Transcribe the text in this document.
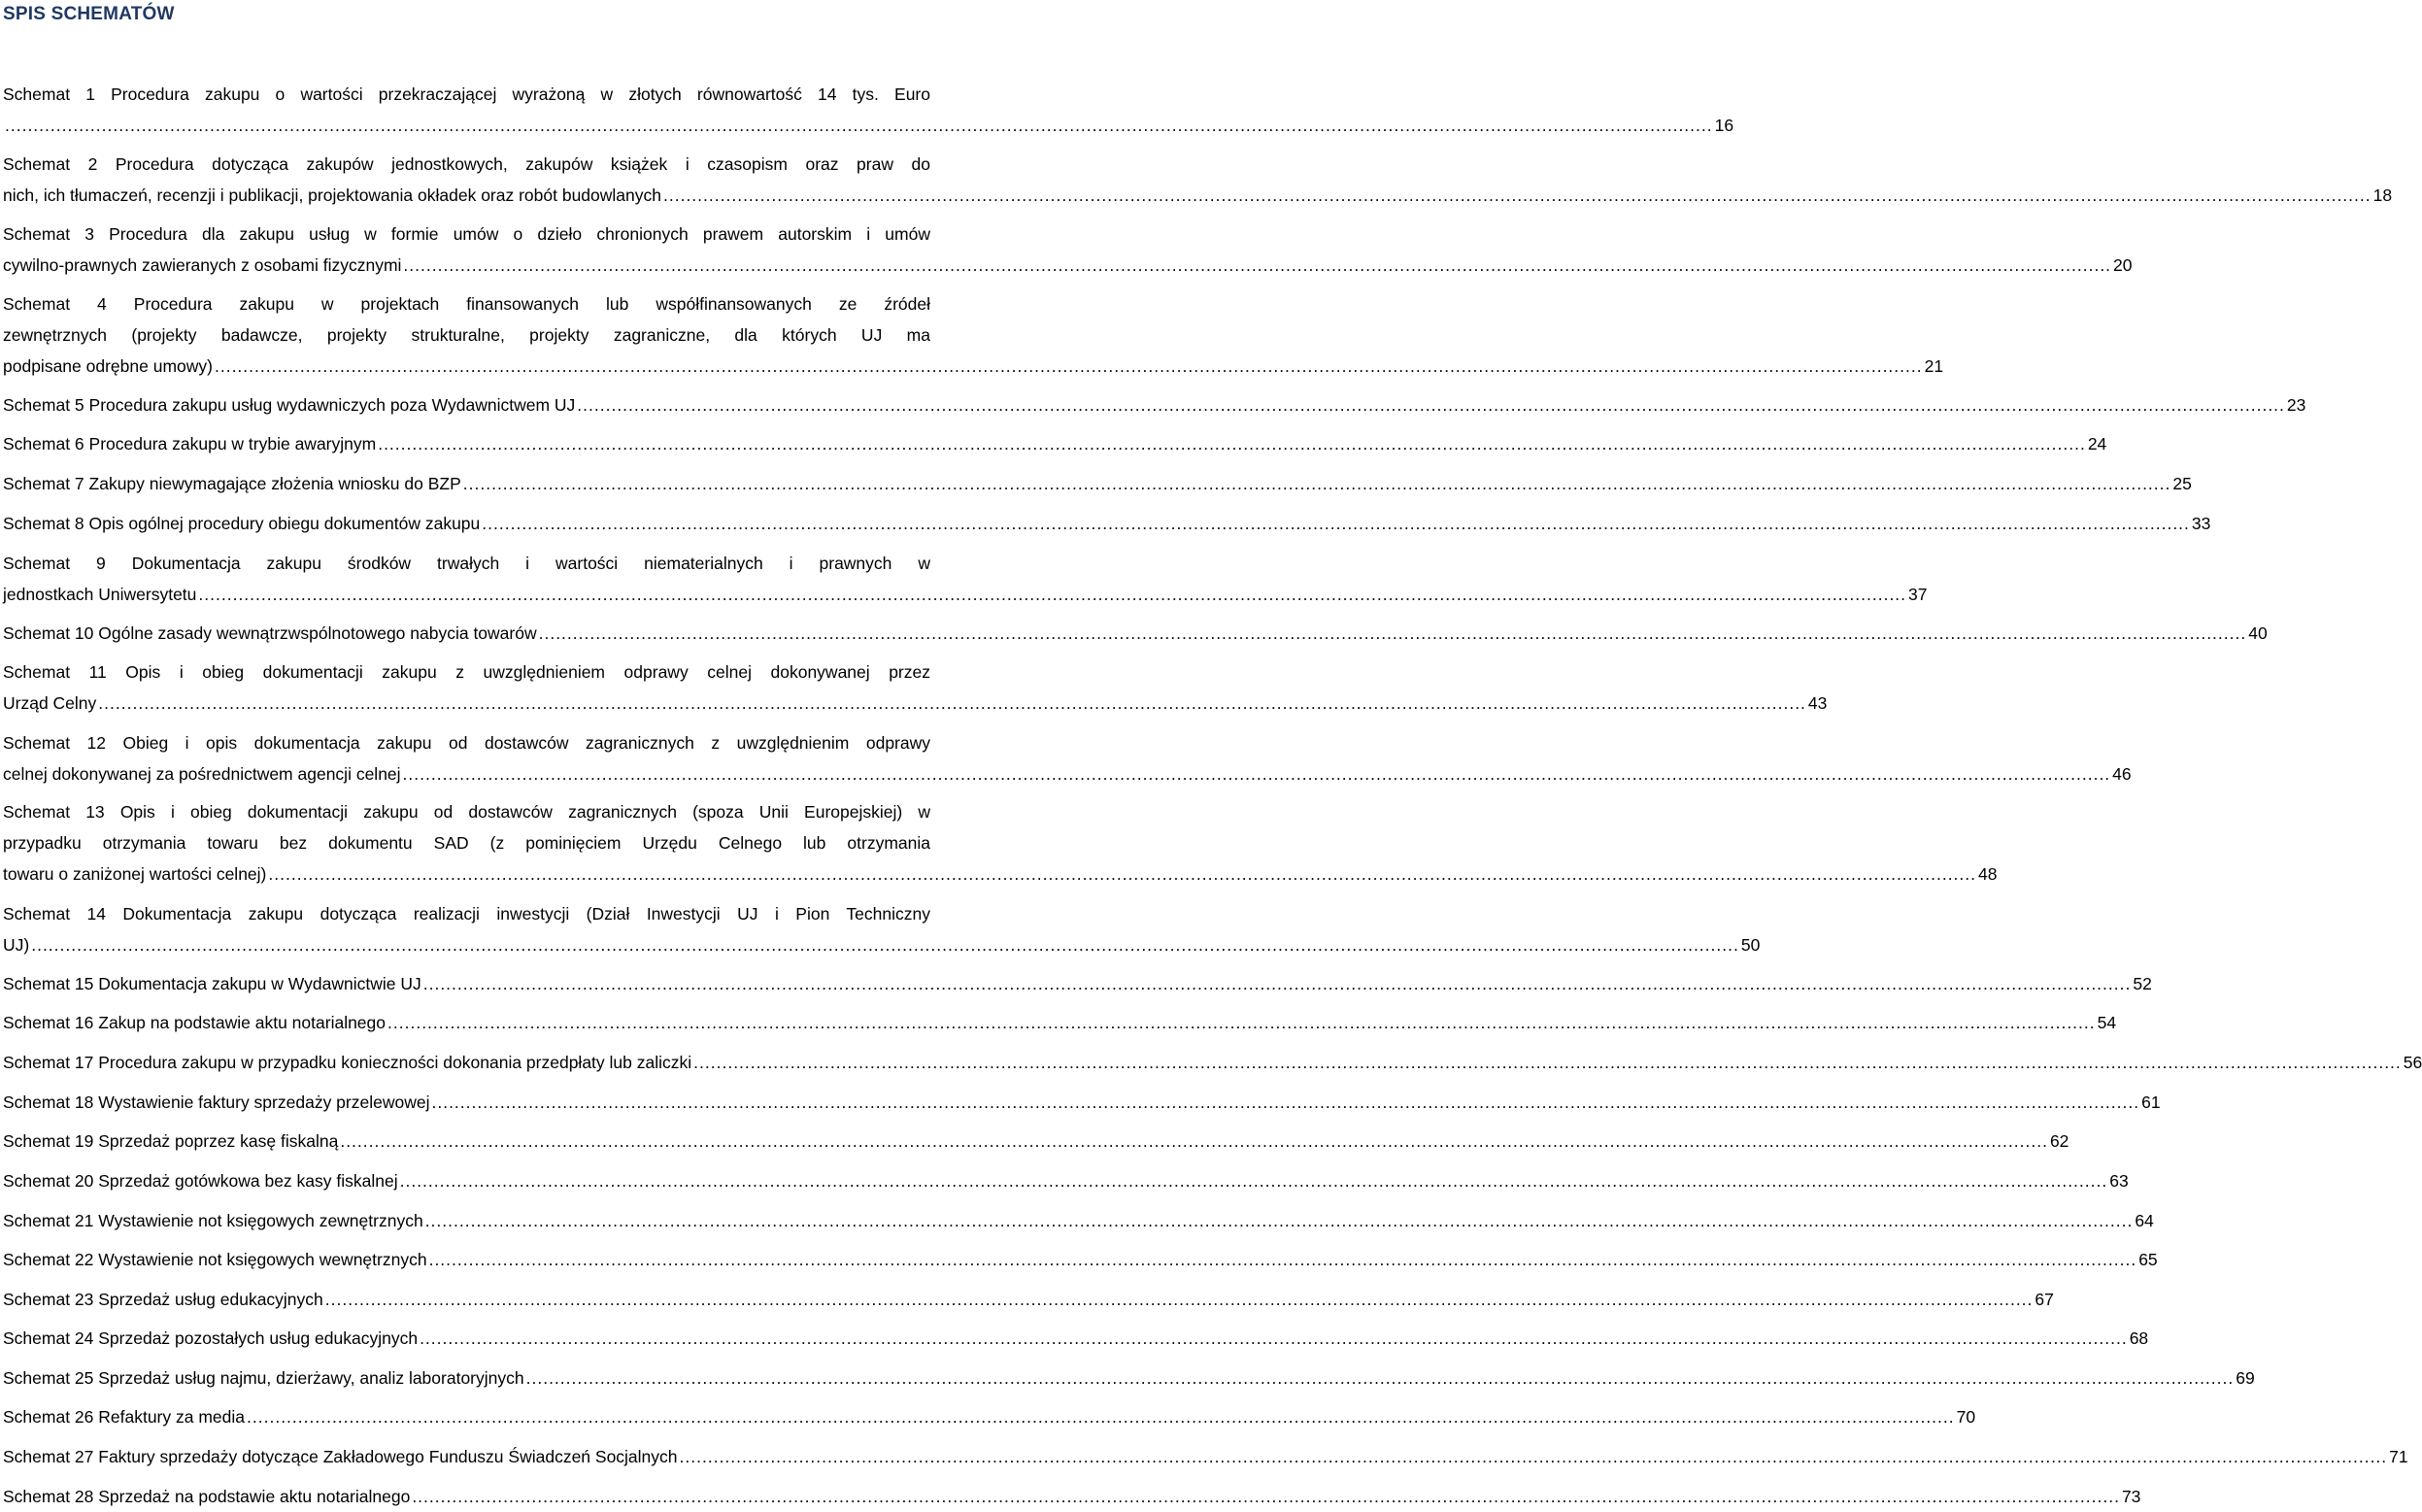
SPIS SCHEMATÓW
Schemat 1 Procedura zakupu o wartości przekraczającej wyrażoną w złotych równowartość 14 tys. Euro
............................................................................................................................................................................................................................................................................................................ 16
Schemat 2 Procedura dotycząca zakupów jednostkowych, zakupów książek i czasopism oraz praw do
nich, ich tłumaczeń, recenzji i publikacji, projektowania okładek oraz robót budowlanych ............................................................................................................................................................................................................................................................................................................ 18
Schemat 3 Procedura dla zakupu usług w formie umów o dzieło chronionych prawem autorskim i umów
cywilno-prawnych zawieranych z osobami fizycznymi ............................................................................................................................................................................................................................................................................................................ 20
Schemat 4 Procedura zakupu w projektach finansowanych lub współfinansowanych ze źródeł
zewnętrznych (projekty badawcze, projekty strukturalne, projekty zagraniczne, dla których UJ ma
podpisane odrębne umowy) ............................................................................................................................................................................................................................................................................................................ 21
Schemat 5 Procedura zakupu usług wydawniczych poza Wydawnictwem UJ ............................................................................................................................................................................................................................................................................................................ 23
Schemat 6 Procedura zakupu w trybie awaryjnym ............................................................................................................................................................................................................................................................................................................ 24
Schemat 7 Zakupy niewymagające złożenia wniosku do BZP ............................................................................................................................................................................................................................................................................................................ 25
Schemat 8 Opis ogólnej procedury obiegu dokumentów zakupu ............................................................................................................................................................................................................................................................................................................ 33
Schemat 9 Dokumentacja zakupu środków trwałych i wartości niematerialnych i prawnych w
jednostkach Uniwersytetu ............................................................................................................................................................................................................................................................................................................ 37
Schemat 10 Ogólne zasady wewnątrzwspólnotowego nabycia towarów ............................................................................................................................................................................................................................................................................................................ 40
Schemat 11 Opis i obieg dokumentacji zakupu z uwzględnieniem odprawy celnej dokonywanej przez
Urząd Celny ............................................................................................................................................................................................................................................................................................................ 43
Schemat 12 Obieg i opis dokumentacja zakupu od dostawców zagranicznych z uwzględnienim odprawy
celnej dokonywanej za pośrednictwem agencji celnej ............................................................................................................................................................................................................................................................................................................ 46
Schemat 13 Opis i obieg dokumentacji zakupu od dostawców zagranicznych (spoza Unii Europejskiej) w
przypadku otrzymania towaru bez dokumentu SAD (z pominięciem Urzędu Celnego lub otrzymania
towaru o zaniżonej wartości celnej) ............................................................................................................................................................................................................................................................................................................ 48
Schemat 14 Dokumentacja zakupu dotycząca realizacji inwestycji (Dział Inwestycji UJ i Pion Techniczny
UJ) ............................................................................................................................................................................................................................................................................................................ 50
Schemat 15 Dokumentacja zakupu w Wydawnictwie UJ ............................................................................................................................................................................................................................................................................................................ 52
Schemat 16 Zakup na podstawie aktu notarialnego ............................................................................................................................................................................................................................................................................................................ 54
Schemat 17 Procedura zakupu w przypadku konieczności dokonania przedpłaty lub zaliczki ............................................................................................................................................................................................................................................................................................................ 56
Schemat 18 Wystawienie faktury sprzedaży przelewowej ............................................................................................................................................................................................................................................................................................................ 61
Schemat 19 Sprzedaż poprzez kasę fiskalną ............................................................................................................................................................................................................................................................................................................ 62
Schemat 20 Sprzedaż gotówkowa bez kasy fiskalnej ............................................................................................................................................................................................................................................................................................................ 63
Schemat 21 Wystawienie not księgowych zewnętrznych ............................................................................................................................................................................................................................................................................................................ 64
Schemat 22 Wystawienie not księgowych wewnętrznych ............................................................................................................................................................................................................................................................................................................ 65
Schemat 23 Sprzedaż usług edukacyjnych ............................................................................................................................................................................................................................................................................................................ 67
Schemat 24 Sprzedaż pozostałych usług edukacyjnych ............................................................................................................................................................................................................................................................................................................ 68
Schemat 25 Sprzedaż usług najmu, dzierżawy, analiz laboratoryjnych ............................................................................................................................................................................................................................................................................................................ 69
Schemat 26 Refaktury za media ............................................................................................................................................................................................................................................................................................................ 70
Schemat 27 Faktury sprzedaży dotyczące Zakładowego Funduszu Świadczeń Socjalnych ............................................................................................................................................................................................................................................................................................................ 71
Schemat 28 Sprzedaż na podstawie aktu notarialnego ............................................................................................................................................................................................................................................................................................................ 73
